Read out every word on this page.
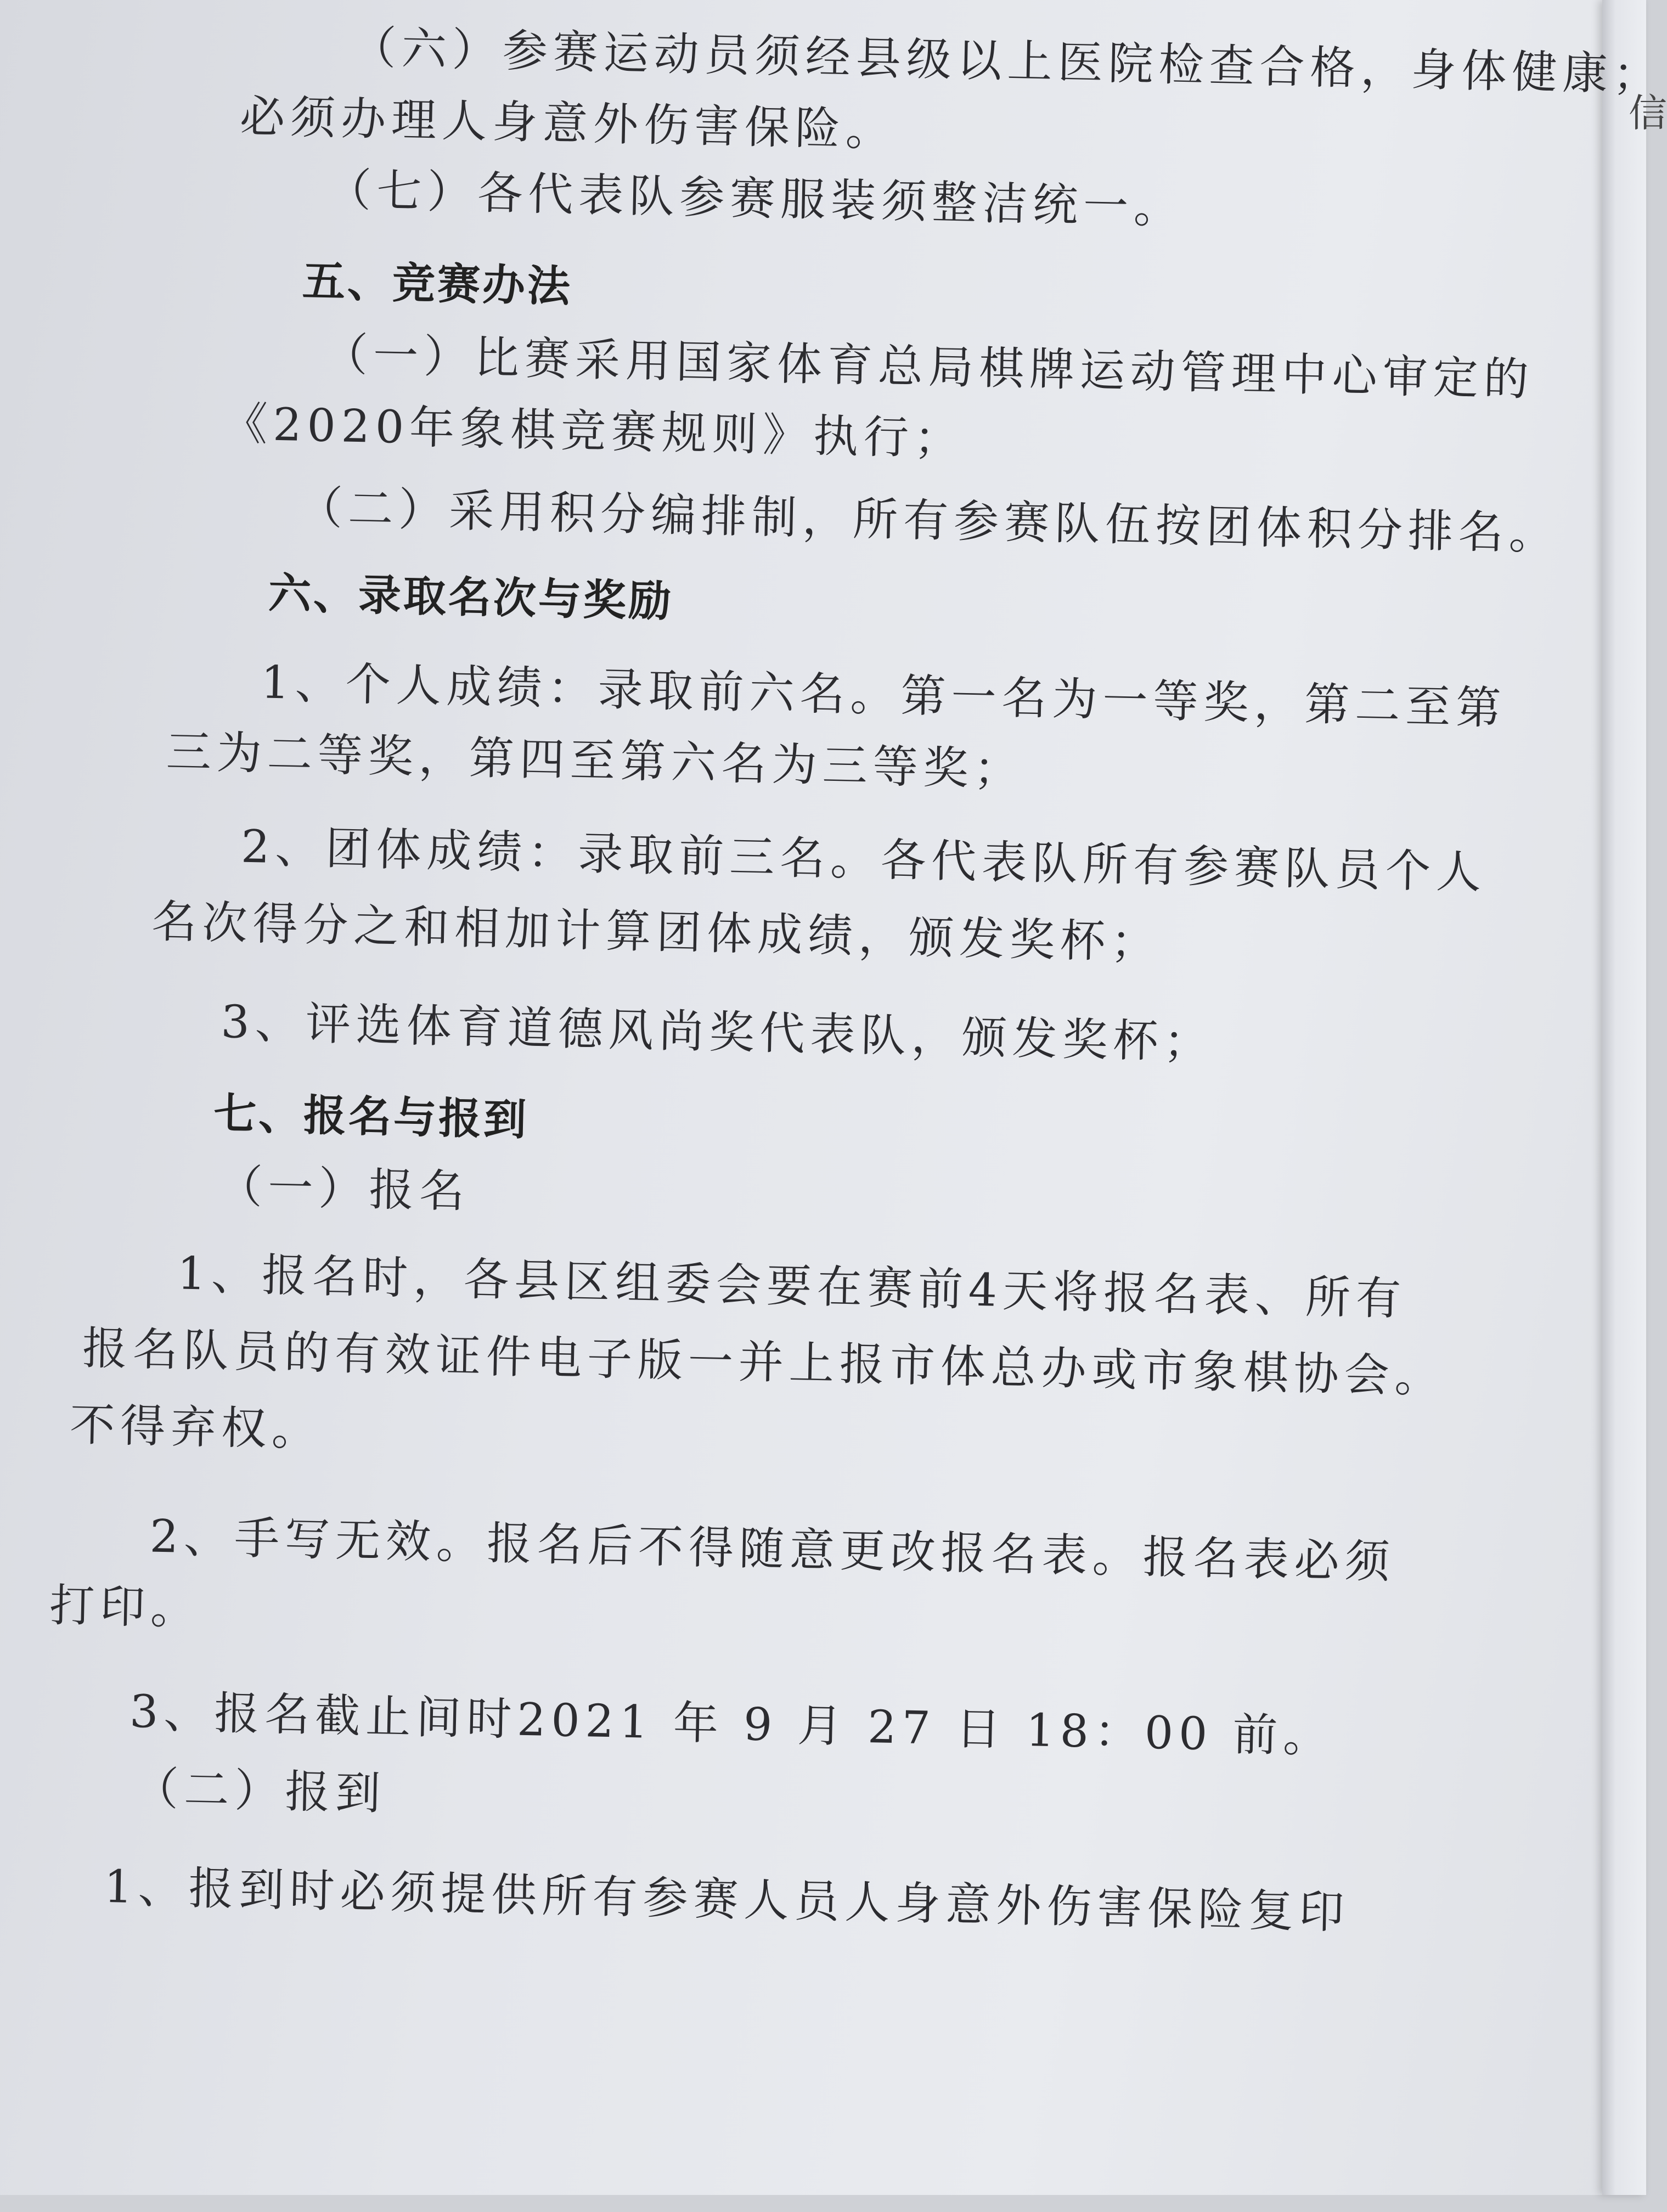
信
（六）参赛运动员须经县级以上医院检查合格，身体健康；
必须办理人身意外伤害保险。
（七）各代表队参赛服装须整洁统一。
五、竞赛办法
（一）比赛采用国家体育总局棋牌运动管理中心审定的
《2020年象棋竞赛规则》执行；
（二）采用积分编排制，所有参赛队伍按团体积分排名。
六、录取名次与奖励
1、个人成绩：录取前六名。第一名为一等奖，第二至第
三为二等奖，第四至第六名为三等奖；
2、团体成绩：录取前三名。各代表队所有参赛队员个人
名次得分之和相加计算团体成绩，颁发奖杯；
3、评选体育道德风尚奖代表队，颁发奖杯；
七、报名与报到
（一）报名
1、报名时，各县区组委会要在赛前4天将报名表、所有
报名队员的有效证件电子版一并上报市体总办或市象棋协会。
不得弃权。
2、手写无效。报名后不得随意更改报名表。报名表必须
打印。
3、报名截止间时2021 年 9 月 27 日 18：00 前。
（二）报到
1、报到时必须提供所有参赛人员人身意外伤害保险复印
